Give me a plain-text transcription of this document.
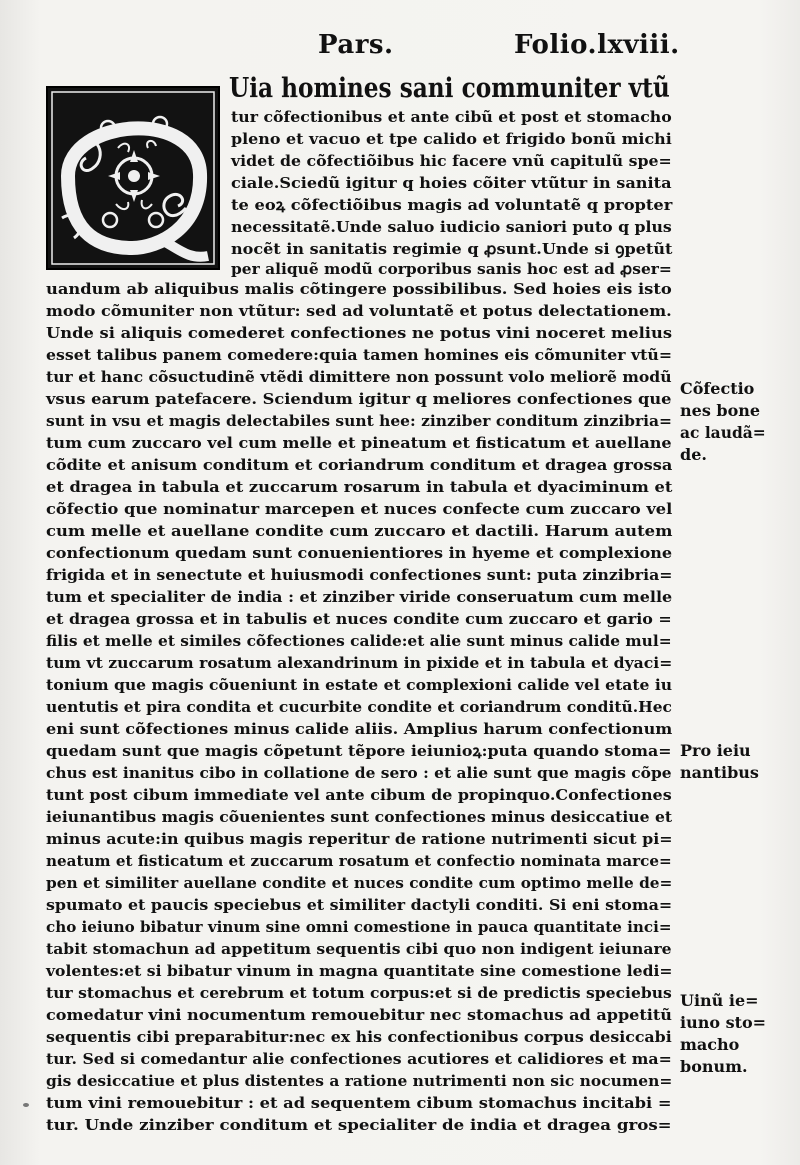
Pars.	Folio.lxviii.
Uia homines sani communiter vtũ
tur cõfectionibus et ante cibũ et post et stomacho
pleno et vacuo et tpe calido et frigido bonũ michi
videt de cõfectiõibus hic facere vnũ capitulũ spe=
ciale.Sciedũ igitur q hoies cõiter vtũtur in sanita
te eoꝝ cõfectiõibus magis ad voluntatẽ q propter
necessitatẽ.Unde saluo iudicio saniori puto q plus
nocẽt in sanitatis regimie q ꝓsunt.Unde si ꝯpetũt
per aliquẽ modũ corporibus sanis hoc est ad ꝓser=
uandum ab aliquibus malis cõtingere possibilibus. Sed hoies eis isto
modo cõmuniter non vtũtur: sed ad voluntatẽ et potus delectationem.
Unde si aliquis comederet confectiones ne potus vini noceret melius
esset talibus panem comedere:quia tamen homines eis cõmuniter vtũ=
tur et hanc cõsuctudinẽ vtẽdi dimittere non possunt volo meliorẽ modũ
vsus earum patefacere. Sciendum igitur q meliores confectiones que
sunt in vsu et magis delectabiles sunt hee: zinziber conditum zinzibria=
tum cum zuccaro vel cum melle et pineatum et fisticatum et auellane
cõdite et anisum conditum et coriandrum conditum et dragea grossa
et dragea in tabula et zuccarum rosarum in tabula et dyaciminum et
cõfectio que nominatur marcepen et nuces confecte cum zuccaro vel
cum melle et auellane condite cum zuccaro et dactili. Harum autem
confectionum quedam sunt conuenientiores in hyeme et complexione
frigida et in senectute et huiusmodi confectiones sunt: puta zinzibria=
tum et specialiter de india : et zinziber viride conseruatum cum melle
et dragea grossa et in tabulis et nuces condite cum zuccaro et gario =
filis et melle et similes cõfectiones calide:et alie sunt minus calide mul=
tum vt zuccarum rosatum alexandrinum in pixide et in tabula et dyaci=
tonium que magis cõueniunt in estate et complexioni calide vel etate iu
uentutis et pira condita et cucurbite condite et coriandrum conditũ.Hec
eni sunt cõfectiones minus calide aliis. Amplius harum confectionum
quedam sunt que magis cõpetunt tẽpore ieiunioꝝ:puta quando stoma=
chus est inanitus cibo in collatione de sero : et alie sunt que magis cõpe
tunt post cibum immediate vel ante cibum de propinquo.Confectiones
ieiunantibus magis cõuenientes sunt confectiones minus desiccatiue et
minus acute:in quibus magis reperitur de ratione nutrimenti sicut pi=
neatum et fisticatum et zuccarum rosatum et confectio nominata marce=
pen et similiter auellane condite et nuces condite cum optimo melle de=
spumato et paucis speciebus et similiter dactyli conditi. Si eni stoma=
cho ieiuno bibatur vinum sine omni comestione in pauca quantitate inci=
tabit stomachun ad appetitum sequentis cibi quo non indigent ieiunare
volentes:et si bibatur vinum in magna quantitate sine comestione ledi=
tur stomachus et cerebrum et totum corpus:et si de predictis speciebus
comedatur vini nocumentum remouebitur nec stomachus ad appetitũ
sequentis cibi preparabitur:nec ex his confectionibus corpus desiccabi
tur. Sed si comedantur alie confectiones acutiores et calidiores et ma=
gis desiccatiue et plus distentes a ratione nutrimenti non sic nocumen=
tum vini remouebitur : et ad sequentem cibum stomachus incitabi =
tur. Unde zinziber conditum et specialiter de india et dragea gros=
Cõfectio
nes bone
ac laudã=
de.
Pro ieiu
nantibus
Uinũ ie=
iuno sto=
macho
bonum.
